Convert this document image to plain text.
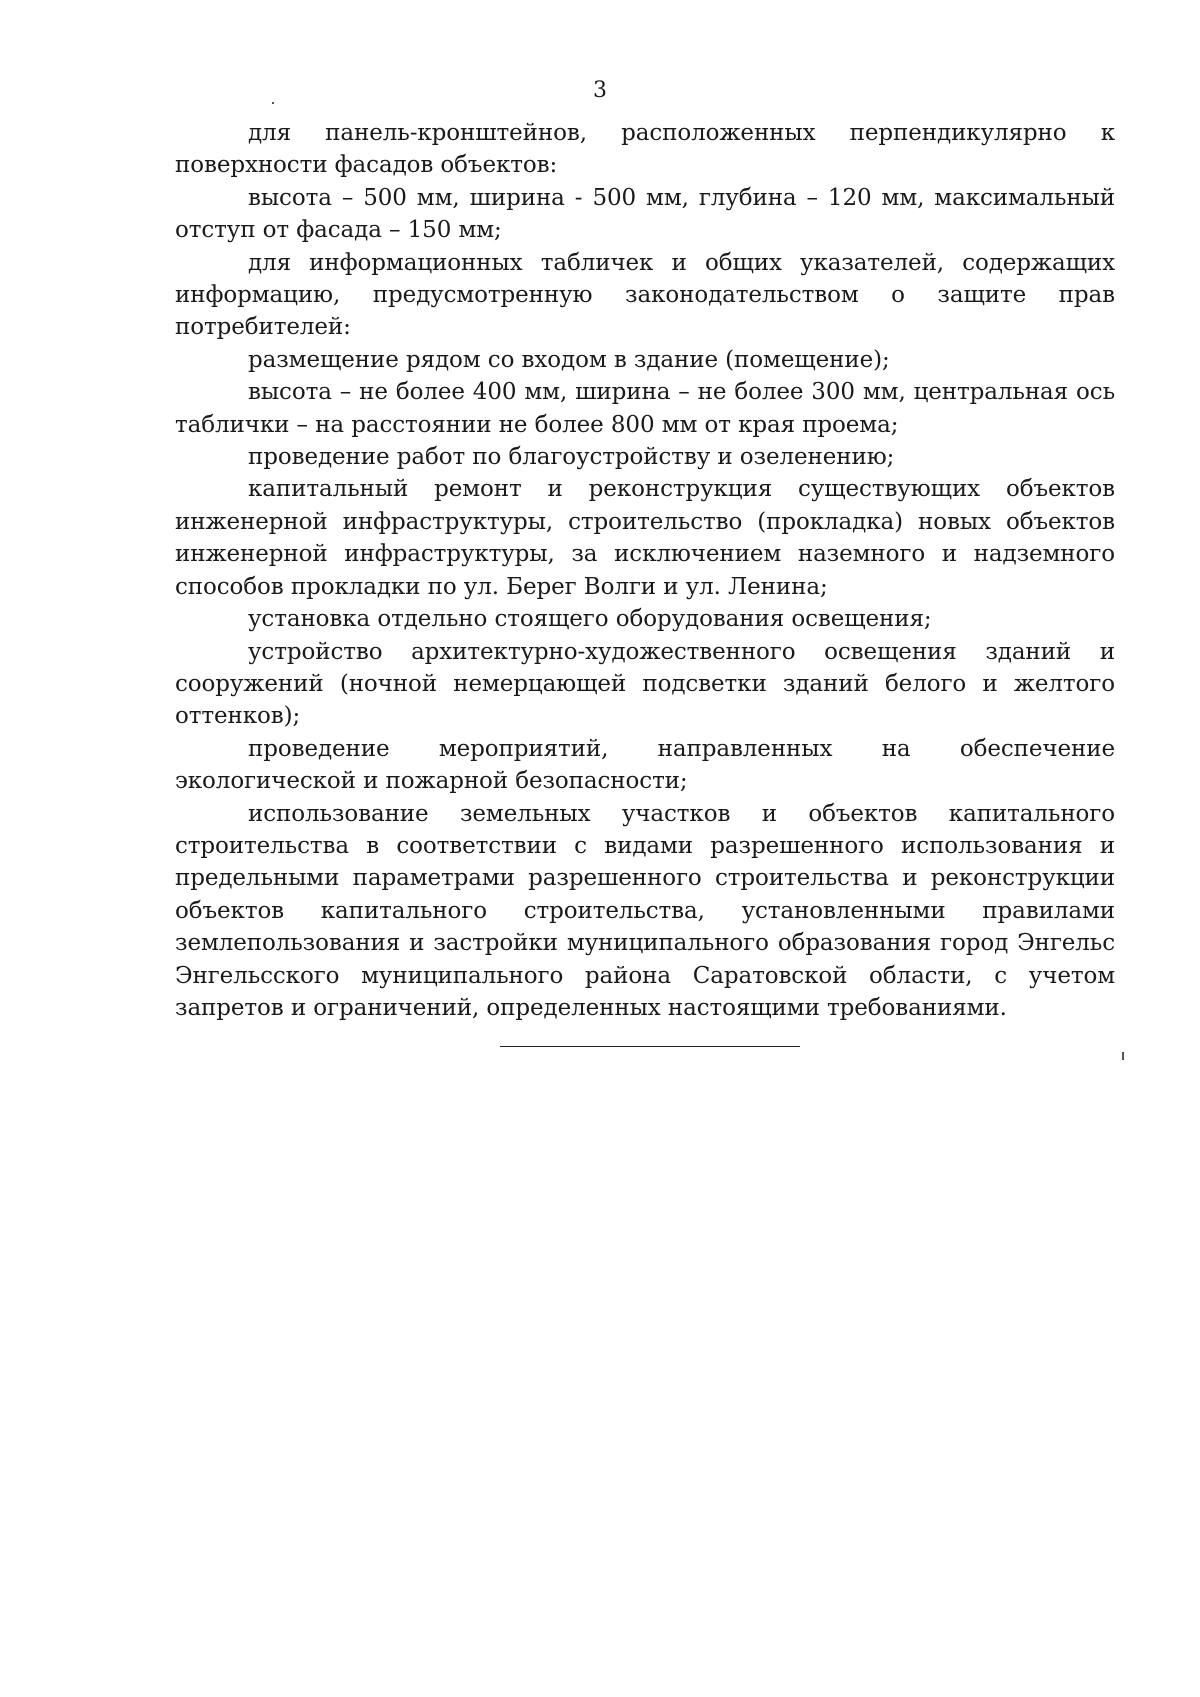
3

для панель-кронштейнов, расположенных перпендикулярно к поверхности фасадов объектов:

высота – 500 мм, ширина - 500 мм, глубина – 120 мм, максимальный отступ от фасада – 150 мм;

для информационных табличек и общих указателей, содержащих информацию, предусмотренную законодательством о защите прав потребителей:

размещение рядом со входом в здание (помещение);

высота – не более 400 мм, ширина – не более 300 мм, центральная ось таблички – на расстоянии не более 800 мм от края проема;

проведение работ по благоустройству и озеленению;

капитальный ремонт и реконструкция существующих объектов инженерной инфраструктуры, строительство (прокладка) новых объектов инженерной инфраструктуры, за исключением наземного и надземного способов прокладки по ул. Берег Волги и ул. Ленина;

установка отдельно стоящего оборудования освещения;

устройство архитектурно-художественного освещения зданий и сооружений (ночной немерцающей подсветки зданий белого и желтого оттенков);

проведение мероприятий, направленных на обеспечение экологической и пожарной безопасности;

использование земельных участков и объектов капитального строительства в соответствии с видами разрешенного использования и предельными параметрами разрешенного строительства и реконструкции объектов капитального строительства, установленными правилами землепользования и застройки муниципального образования город Энгельс Энгельсского муниципального района Саратовской области, с учетом запретов и ограничений, определенных настоящими требованиями.
